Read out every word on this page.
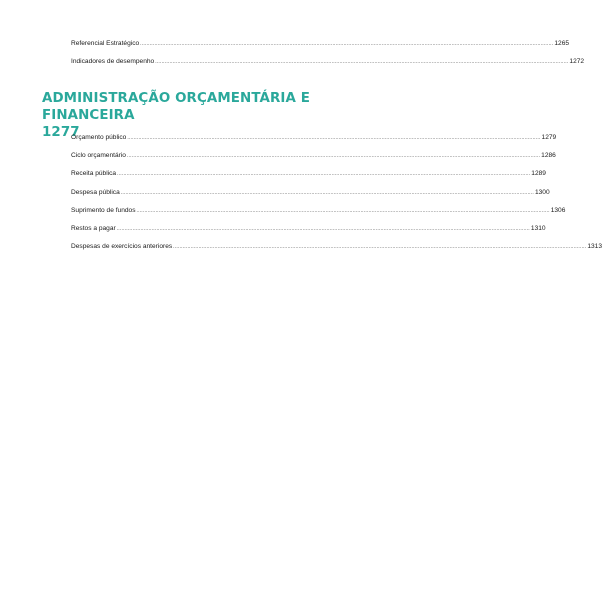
Referencial Estratégico .................................................................................................................................................................................................................................................................... 1265
Indicadores de desempenho .................................................................................................................................................................................................................................................................... 1272
ADMINISTRAÇÃO ORÇAMENTÁRIA E FINANCEIRA
1277
Orçamento público .................................................................................................................................................................................................................................................................... 1279
Ciclo orçamentário .................................................................................................................................................................................................................................................................... 1286
Receita pública .................................................................................................................................................................................................................................................................... 1289
Despesa pública .................................................................................................................................................................................................................................................................... 1300
Suprimento de fundos .................................................................................................................................................................................................................................................................... 1306
Restos a pagar .................................................................................................................................................................................................................................................................... 1310
Despesas de exercícios anteriores .................................................................................................................................................................................................................................................................... 1313
